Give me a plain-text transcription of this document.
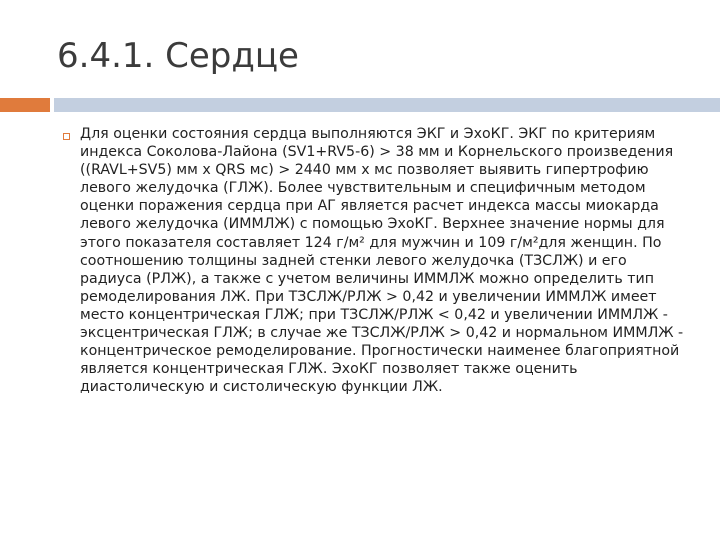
6.4.1. Сердце

Для оценки состояния сердца выполняются ЭКГ и ЭхоКГ. ЭКГ по критериям индекса Соколова-Лайона (SV1+RV5-6) > 38 мм и Корнельского произведения ((RAVL+SV5) мм х QRS мс) > 2440 мм х мс позволяет выявить гипертрофию левого желудочка (ГЛЖ). Более чувствительным и специфичным методом оценки поражения сердца при АГ является расчет индекса массы миокарда левого желудочка (ИММЛЖ) с помощью ЭхоКГ. Верхнее значение нормы для этого показателя составляет 124 г/м² для мужчин и 109 г/м²для женщин. По соотношению толщины задней стенки левого желудочка (ТЗСЛЖ) и его радиуса (РЛЖ), а также с учетом величины ИММЛЖ можно определить тип ремоделирования ЛЖ. При ТЗСЛЖ/РЛЖ > 0,42 и увеличении ИММЛЖ имеет место концентрическая ГЛЖ; при ТЗСЛЖ/РЛЖ < 0,42 и увеличении ИММЛЖ - эксцентрическая ГЛЖ; в случае же ТЗСЛЖ/РЛЖ > 0,42 и нормальном ИММЛЖ - концентрическое ремоделирование. Прогностически наименее благоприятной является концентрическая ГЛЖ. ЭхоКГ позволяет также оценить диастолическую и систолическую функции ЛЖ.
